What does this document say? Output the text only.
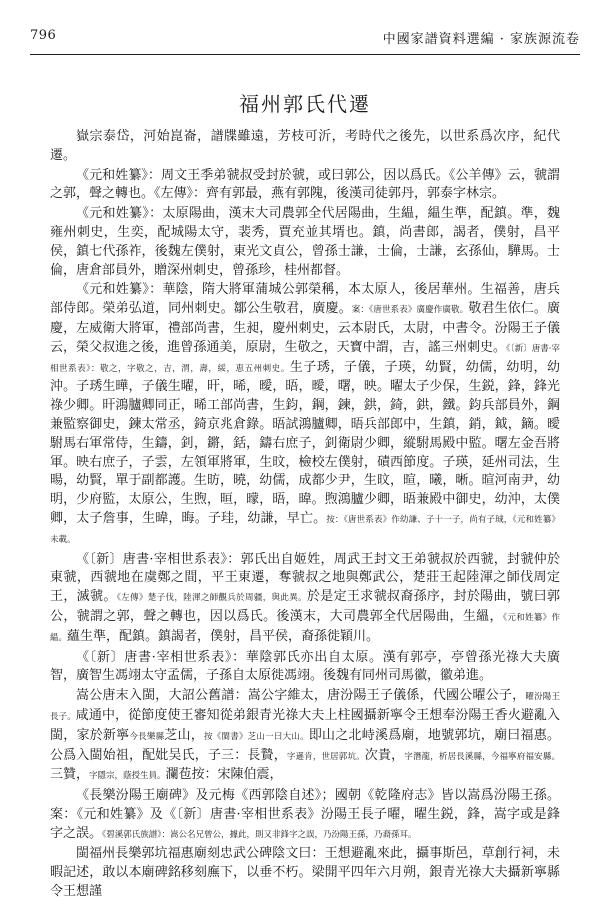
796	中國家譜資料選編 · 家族源流卷
福州郭氏代遷

嶽宗泰岱，河始崑崙，譜牒雖遠，芳枝可沂，考時代之後先，以世系爲次序，紀代遷。

《元和姓纂》：周文王季弟虢叔受封於虢，或曰郭公，因以爲氏。《公羊傳》云，虢謂之郭，聲之轉也。《左傳》：齊有郭最，燕有郭隗，後漢司徒郭丹，郭泰字林宗。

《元和姓纂》：太原陽曲，漢末大司農郭全代居陽曲，生緼，緼生準，配鎮。準，魏雍州刺史，生奕，配城陽太守，裴秀，賈充並其壻也。鎮，尚書郎，謁者，僕射，昌平侯，鎮七代孫祚，後魏左僕射，東光文貞公，曾孫士謙，士倫，士謙，玄孫仙，驊馬。士倫，唐倉部員外，贈深州刺史，曾孫珍，桂州都督。

《元和姓纂》：華陰，隋大將軍蒲城公郭榮稱，本太原人，後居華州。生福善，唐兵部侍郎。榮弟弘道，同州刺史。鄒公生敬君，廣慶。案：《唐世系表》廣慶作廣敬。敬君生依仁。廣慶，左威衛大將軍，禮部尚書，生昶，慶州刺史，云本尉氏，太尉，中書令。汾陽王子儀云，榮父叔進之後，進曾孫通美，原尉，生敬之，天寶中謂，吉，謠三州刺史。《〔新〕唐書·宰相世系表》：敬之，字敬之，吉，渭，壽，綏，恵五州刺史。生子琇，子儀，子瑛，幼賢，幼儒，幼明，幼沖。子琇生曄，子儀生曜，旰，晞，曖，晤，曖，曙，映。曜太子少保，生鋭，鋒，鋒光祿少卿。旰鴻臚卿同正，晞工部尚書，生鈞，鋼，鍊，鉷，錡，鉷，鐵。鈞兵部員外，鋼兼監察御史，鍊太常丞，錡京兆倉錄。晤試鴻臚卿，晤兵部郎中，生鎮，銷，鉞，鏑。曖駙馬右軍常侍，生鑄，釗，鏘，銛，鑄右庶子，釗衛尉少卿，縱駙馬殿中監。曙左金吾將軍。映右庶子，子雲，左領軍將軍，生旼，檢校左僕射，磧西節度。子瑛，延州司法，生暘，幼賢，單于副都護。生昉，曉，幼儒，成都少尹，生旼，暄，曦，晰。暄河南尹，幼明，少府監，太原公，生煦，晅，曚，晤，暐。煦鴻臚少卿，晤兼殿中御史，幼沖，太僕卿，太子詹事，生暐，晦。子珪，幼謙，早亡。按：《唐世系表》作幼謙、子十一子，尚有子珹，《元和姓纂》未載。

《〔新〕唐書·宰相世系表》：郭氏出自姬姓，周武王封文王弟虢叔於西虢，封虢仲於東虢，西虢地在虞鄭之間，平王東遷，奪虢叔之地與鄭武公，楚莊王起陸渾之師伐周定王，滅虢。《左傳》楚子伐，陸渾之師觀兵於周疆，與此異。於是定王求虢叔裔孫序，封於陽曲，號曰郭公，虢謂之郭，聲之轉也，因以爲氏。後漢末，大司農郭全代居陽曲，生縕，《元和姓纂》作緼。蘊生準，配鎮。鎮謁者，僕射，昌平侯，裔孫徙穎川。

《〔新〕唐書·宰相世系表》：華陰郭氏亦出自太原。漢有郭亭，亭曾孫光祿大夫廣智，廣智生馮翊太守孟儒，子孫自太原徙馮翊。後魏有同州司馬徽，徽弟進。

嵩公唐末入閩，大詔公舊譜：嵩公字維太，唐汾陽王子儀係，代國公曜公子，曜汾陽王長子。咸通中，從節度使王審知從弟銀青光祿大夫上柱國攝新寧令王想奉汾陽王香火避亂入閩，家於新寧今長樂縣芝山，按《閩書》芝山一曰大山。即山之北峙溪爲廟，地號郭坑，廟曰福惠。公爲入閩始祖，配妣吴氏，子三：長贄，字遜肯，世居郭坑。次貴，字潛龍，析居長溪縣，今福寧府福安縣。三贊，字隱宗，蔭授生員。瀾苞按：宋陳伯震，

《長樂汾陽王廟碑》及元梅《西郭陰自述》；國朝《乾隆府志》皆以嵩爲汾陽王孫。案：《元和姓纂》及《〔新〕唐書·宰相世系表》汾陽王長子曜，曜生鋭，鋒，嵩字或是鋒字之誤。《碧溪郭氏族譜》：嵩公名兄曾公，據此，則又非鋒字之誤，乃汾陽王孫，乃裔孫耳。

閩福州長樂郭坑福惠廟刻忠武公碑陰文曰：王想避亂來此，攝事斯邑，草創行祠，未暇記述，敢以本廟碑銘移刻廡下，以垂不朽。梁開平四年六月朔，銀青光祿大夫攝新寧縣令王想謹
